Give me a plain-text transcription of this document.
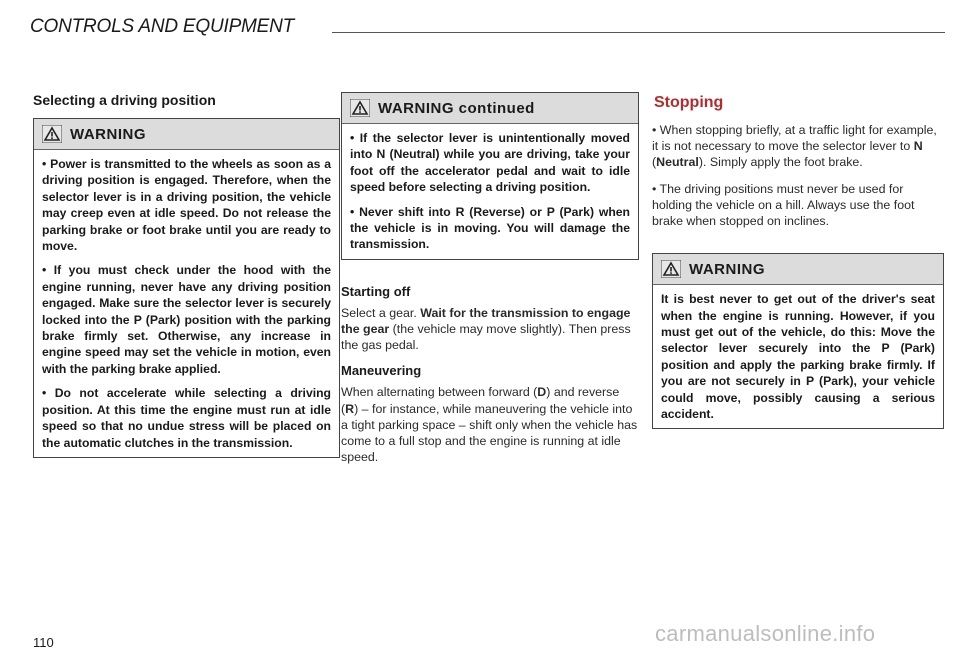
CONTROLS AND EQUIPMENT
Selecting a driving position
WARNING

• Power is transmitted to the wheels as soon as a driving position is engaged. Therefore, when the selector lever is in a driving position, the vehicle may creep even at idle speed. Do not release the parking brake or foot brake until you are ready to move.

• If you must check under the hood with the engine running, never have any driving position engaged. Make sure the selector lever is securely locked into the P (Park) position with the parking brake firmly set. Otherwise, any increase in engine speed may set the vehicle in motion, even with the parking brake applied.

• Do not accelerate while selecting a driving position. At this time the engine must run at idle speed so that no undue stress will be placed on the automatic clutches in the transmission.

WARNING continued

• If the selector lever is unintentionally moved into N (Neutral) while you are driving, take your foot off the accelerator pedal and wait to idle speed before selecting a driving position.

• Never shift into R (Reverse) or P (Park) when the vehicle is in moving. You will damage the transmission.

Starting off

Select a gear. Wait for the transmission to engage the gear (the vehicle may move slightly). Then press the gas pedal.

Maneuvering

When alternating between forward (D) and reverse (R) – for instance, while maneuvering the vehicle into a tight parking space – shift only when the vehicle has come to a full stop and the engine is running at idle speed.

Stopping

• When stopping briefly, at a traffic light for example, it is not necessary to move the selector lever to N (Neutral). Simply apply the foot brake.

• The driving positions must never be used for holding the vehicle on a hill. Always use the foot brake when stopped on inclines.

WARNING

It is best never to get out of the driver's seat when the engine is running. However, if you must get out of the vehicle, do this: Move the selector lever securely into the P (Park) position and apply the parking brake firmly. If you are not securely in P (Park), your vehicle could move, possibly causing a serious accident.

110	carmanualsonline.info
